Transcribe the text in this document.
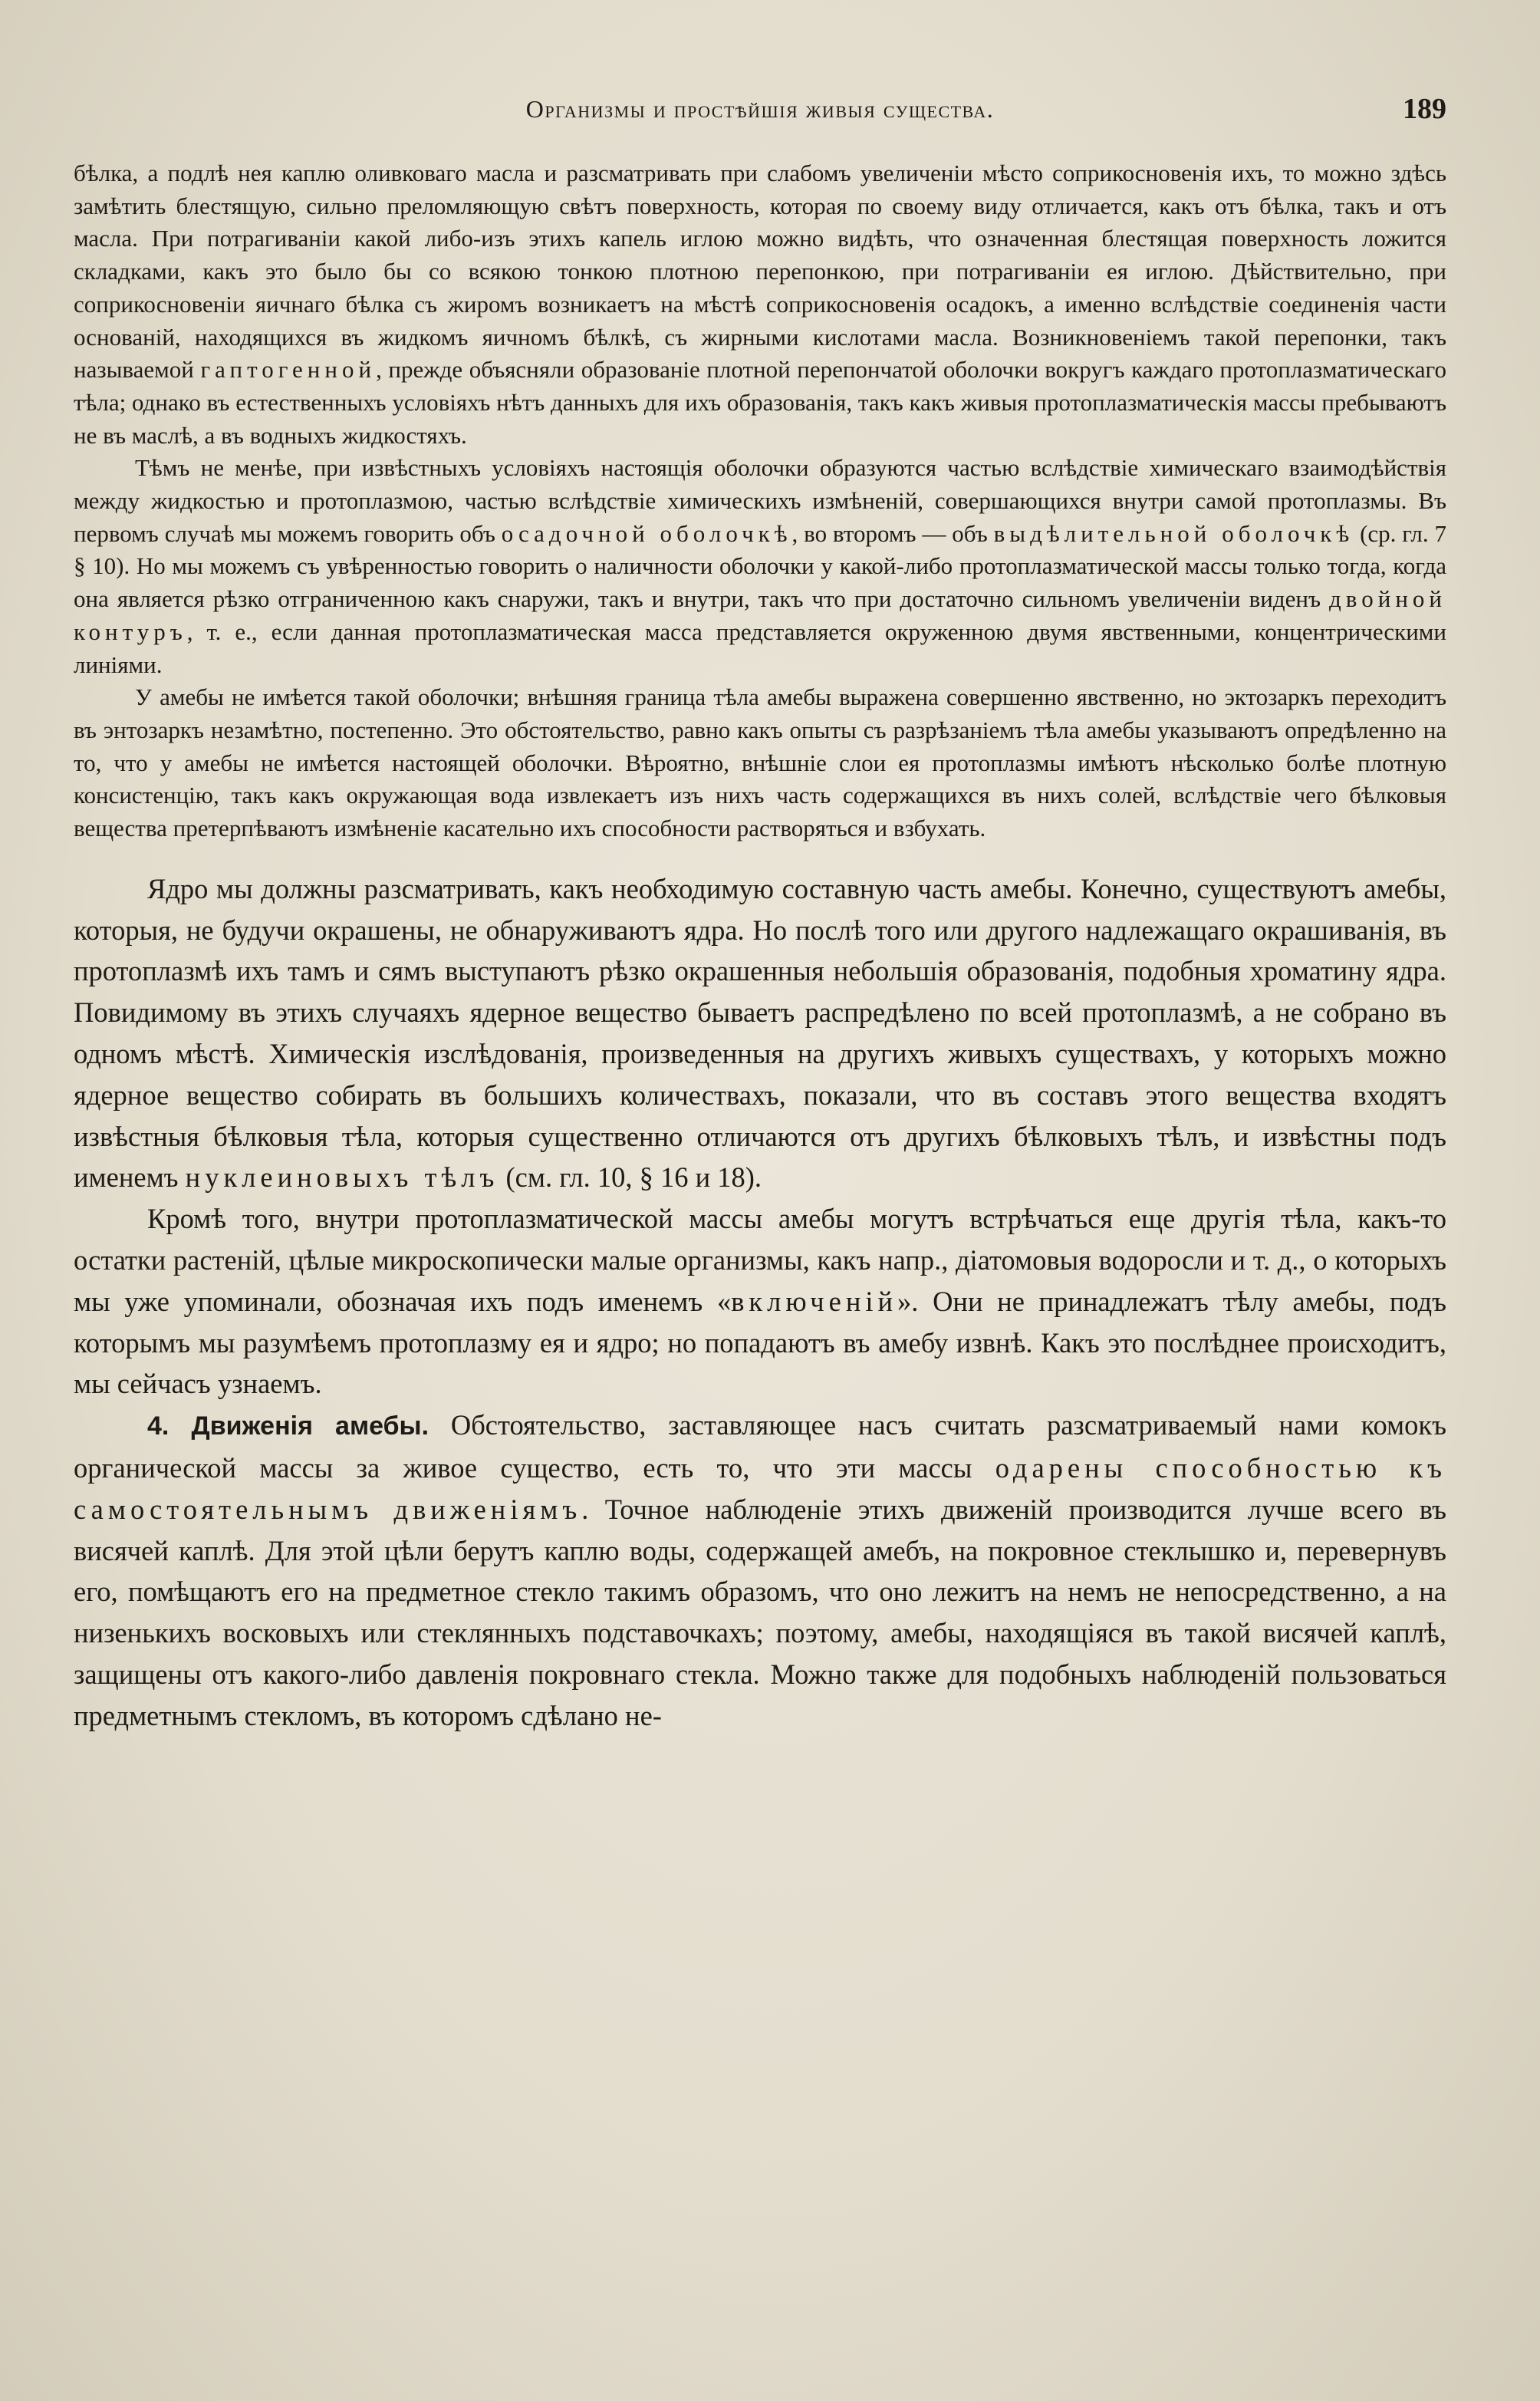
Организмы и простѣйшія живыя существа.	189

бѣлка, а подлѣ нея каплю оливковаго масла и разсматривать при слабомъ увеличеніи мѣсто соприкосновенія ихъ, то можно здѣсь замѣтить блестящую, сильно преломляющую свѣтъ поверхность, которая по своему виду отличается, какъ отъ бѣлка, такъ и отъ масла. При потрагиваніи какой либо-изъ этихъ капель иглою можно видѣть, что означенная блестящая поверхность ложится складками, какъ это было бы со всякою тонкою плотною перепонкою, при потрагиваніи ея иглою. Дѣйствительно, при соприкосновеніи яичнаго бѣлка съ жиромъ возникаетъ на мѣстѣ соприкосновенія осадокъ, а именно вслѣдствіе соединенія части основаній, находящихся въ жидкомъ яичномъ бѣлкѣ, съ жирными кислотами масла. Возникновеніемъ такой перепонки, такъ называемой гаптогенной, прежде объясняли образованіе плотной перепончатой оболочки вокругъ каждаго протоплазматическаго тѣла; однако въ естественныхъ условіяхъ нѣтъ данныхъ для ихъ образованія, такъ какъ живыя протоплазматическія массы пребываютъ не въ маслѣ, а въ водныхъ жидкостяхъ.

Тѣмъ не менѣе, при извѣстныхъ условіяхъ настоящія оболочки образуются частью вслѣдствіе химическаго взаимодѣйствія между жидкостью и протоплазмою, частью вслѣдствіе химическихъ измѣненій, совершающихся внутри самой протоплазмы. Въ первомъ случаѣ мы можемъ говорить объ осадочной оболочкѣ, во второмъ — объ выдѣлительной оболочкѣ (ср. гл. 7 § 10). Но мы можемъ съ увѣренностью говорить о наличности оболочки у какой-либо протоплазматической массы только тогда, когда она является рѣзко отграниченною какъ снаружи, такъ и внутри, такъ что при достаточно сильномъ увеличеніи виденъ двойной контуръ, т. е., если данная протоплазматическая масса представляется окруженною двумя явственными, концентрическими линіями.

У амебы не имѣется такой оболочки; внѣшняя граница тѣла амебы выражена совершенно явственно, но эктозаркъ переходитъ въ энтозаркъ незамѣтно, постепенно. Это обстоятельство, равно какъ опыты съ разрѣзаніемъ тѣла амебы указываютъ опредѣленно на то, что у амебы не имѣется настоящей оболочки. Вѣроятно, внѣшніе слои ея протоплазмы имѣютъ нѣсколько болѣе плотную консистенцію, такъ какъ окружающая вода извлекаетъ изъ нихъ часть содержащихся въ нихъ солей, вслѣдствіе чего бѣлковыя вещества претерпѣваютъ измѣненіе касательно ихъ способности растворяться и взбухать.

Ядро мы должны разсматривать, какъ необходимую составную часть амебы. Конечно, существуютъ амебы, которыя, не будучи окрашены, не обнаруживаютъ ядра. Но послѣ того или другого надлежащаго окрашиванія, въ протоплазмѣ ихъ тамъ и сямъ выступаютъ рѣзко окрашенныя небольшія образованія, подобныя хроматину ядра. Повидимому въ этихъ случаяхъ ядерное вещество бываетъ распредѣлено по всей протоплазмѣ, а не собрано въ одномъ мѣстѣ. Химическія изслѣдованія, произведенныя на другихъ живыхъ существахъ, у которыхъ можно ядерное вещество собирать въ большихъ количествахъ, показали, что въ составъ этого вещества входятъ извѣстныя бѣлковыя тѣла, которыя существенно отличаются отъ другихъ бѣлковыхъ тѣлъ, и извѣстны подъ именемъ нуклеиновыхъ тѣлъ (см. гл. 10, § 16 и 18).

Кромѣ того, внутри протоплазматической массы амебы могутъ встрѣчаться еще другія тѣла, какъ-то остатки растеній, цѣлые микроскопически малые организмы, какъ напр., діатомовыя водоросли и т. д., о которыхъ мы уже упоминали, обозначая ихъ подъ именемъ «включеній». Они не принадлежатъ тѣлу амебы, подъ которымъ мы разумѣемъ протоплазму ея и ядро; но попадаютъ въ амебу извнѣ. Какъ это послѣднее происходитъ, мы сейчасъ узнаемъ.

4. Движенія амебы. Обстоятельство, заставляющее насъ считать разсматриваемый нами комокъ органической массы за живое существо, есть то, что эти массы одарены способностью къ самостоятельнымъ движеніямъ. Точное наблюденіе этихъ движеній производится лучше всего въ висячей каплѣ. Для этой цѣли берутъ каплю воды, содержащей амебъ, на покровное стеклышко и, перевернувъ его, помѣщаютъ его на предметное стекло такимъ образомъ, что оно лежитъ на немъ не непосредственно, а на низенькихъ восковыхъ или стеклянныхъ подставочкахъ; поэтому, амебы, находящіяся въ такой висячей каплѣ, защищены отъ какого-либо давленія покровнаго стекла. Можно также для подобныхъ наблюденій пользоваться предметнымъ стекломъ, въ которомъ сдѣлано не-
